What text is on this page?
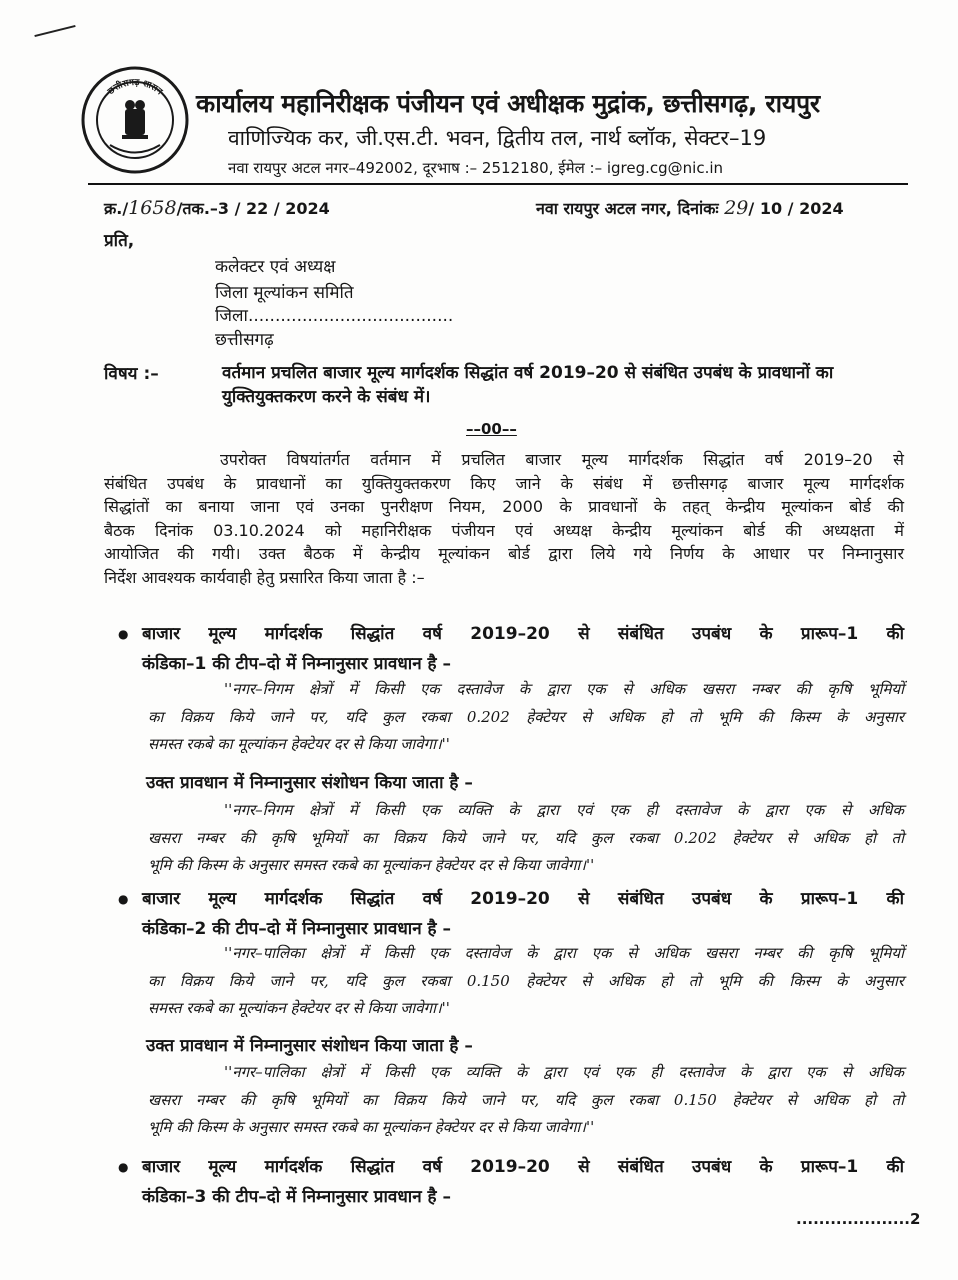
छत्तीसगढ़ शासन कार्यालय महानिरीक्षक पंजीयन एवं अधीक्षक मुद्रांक, छत्तीसगढ़, रायपुर
वाणिज्यिक कर, जी.एस.टी. भवन, द्वितीय तल, नार्थ ब्लॉक, सेक्टर–19
नवा रायपुर अटल नगर–492002, दूरभाष :– 2512180, ईमेल :– igreg.cg@nic.in
क्र./1658/तक.–3 / 22 / 2024	नवा रायपुर अटल नगर, दिनांकः 29/ 10 / 2024
प्रति,
कलेक्टर एवं अध्यक्ष
जिला मूल्यांकन समिति
जिला......................................
छत्तीसगढ़
विषय :–	वर्तमान प्रचलित बाजार मूल्य मार्गदर्शक सिद्धांत वर्ष 2019–20 से संबंधित उपबंध के प्रावधानों का युक्तियुक्तकरण करने के संबंध में।
––00––
उपरोक्त विषयांतर्गत वर्तमान में प्रचलित बाजार मूल्य मार्गदर्शक सिद्धांत वर्ष 2019–20 से
संबंधित उपबंध के प्रावधानों का युक्तियुक्तकरण किए जाने के संबंध में छत्तीसगढ़ बाजार मूल्य मार्गदर्शक
सिद्धांतों का बनाया जाना एवं उनका पुनरीक्षण नियम, 2000 के प्रावधानों के तहत् केन्द्रीय मूल्यांकन बोर्ड की
बैठक दिनांक 03.10.2024 को महानिरीक्षक पंजीयन एवं अध्यक्ष केन्द्रीय मूल्यांकन बोर्ड की अध्यक्षता में
आयोजित की गयी। उक्त बैठक में केन्द्रीय मूल्यांकन बोर्ड द्वारा लिये गये निर्णय के आधार पर निम्नानुसार
निर्देश आवश्यक कार्यवाही हेतु प्रसारित किया जाता है :–
● बाजार मूल्य मार्गदर्शक सिद्धांत वर्ष 2019–20 से संबंधित उपबंध के प्रारूप–1 की
कंडिका–1 की टीप–दो में निम्नानुसार प्रावधान है –
''नगर–निगम क्षेत्रों में किसी एक दस्तावेज के द्वारा एक से अधिक खसरा नम्बर की कृषि भूमियों
का विक्रय किये जाने पर, यदि कुल रकबा 0.202 हेक्टेयर से अधिक हो तो भूमि की किस्म के अनुसार
समस्त रकबे का मूल्यांकन हेक्टेयर दर से किया जावेगा।''
उक्त प्रावधान में निम्नानुसार संशोधन किया जाता है –
''नगर–निगम क्षेत्रों में किसी एक व्यक्ति के द्वारा एवं एक ही दस्तावेज के द्वारा एक से अधिक
खसरा नम्बर की कृषि भूमियों का विक्रय किये जाने पर, यदि कुल रकबा 0.202 हेक्टेयर से अधिक हो तो
भूमि की किस्म के अनुसार समस्त रकबे का मूल्यांकन हेक्टेयर दर से किया जावेगा।''
● बाजार मूल्य मार्गदर्शक सिद्धांत वर्ष 2019–20 से संबंधित उपबंध के प्रारूप–1 की
कंडिका–2 की टीप–दो में निम्नानुसार प्रावधान है –
''नगर–पालिका क्षेत्रों में किसी एक दस्तावेज के द्वारा एक से अधिक खसरा नम्बर की कृषि भूमियों
का विक्रय किये जाने पर, यदि कुल रकबा 0.150 हेक्टेयर से अधिक हो तो भूमि की किस्म के अनुसार
समस्त रकबे का मूल्यांकन हेक्टेयर दर से किया जावेगा।''
उक्त प्रावधान में निम्नानुसार संशोधन किया जाता है –
''नगर–पालिका क्षेत्रों में किसी एक व्यक्ति के द्वारा एवं एक ही दस्तावेज के द्वारा एक से अधिक
खसरा नम्बर की कृषि भूमियों का विक्रय किये जाने पर, यदि कुल रकबा 0.150 हेक्टेयर से अधिक हो तो
भूमि की किस्म के अनुसार समस्त रकबे का मूल्यांकन हेक्टेयर दर से किया जावेगा।''
● बाजार मूल्य मार्गदर्शक सिद्धांत वर्ष 2019–20 से संबंधित उपबंध के प्रारूप–1 की
कंडिका–3 की टीप–दो में निम्नानुसार प्रावधान है –
....................2
